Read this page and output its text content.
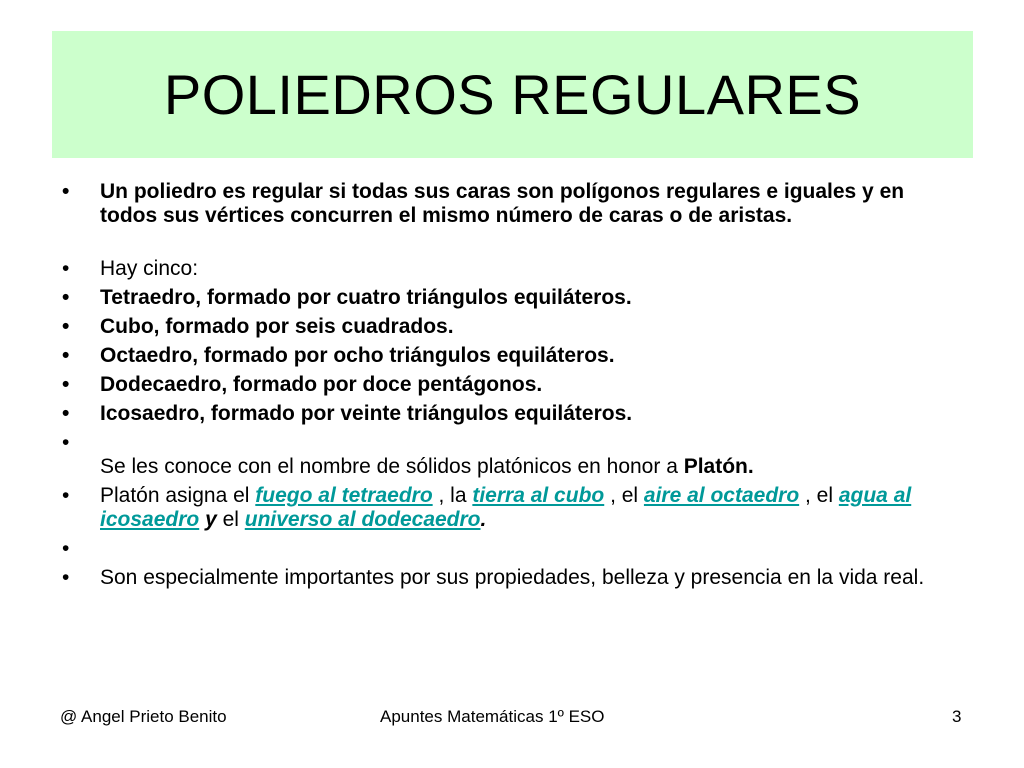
POLIEDROS REGULARES
• Un poliedro es regular si todas sus caras son polígonos regulares e iguales y en todos sus vértices concurren el mismo número de caras o de aristas.
• Hay cinco:
• Tetraedro, formado por cuatro triángulos equiláteros.
• Cubo, formado por seis cuadrados.
• Octaedro, formado por ocho triángulos equiláteros.
• Dodecaedro, formado por doce pentágonos.
• Icosaedro, formado por veinte triángulos equiláteros.

• Se les conoce con el nombre de sólidos platónicos en honor a Platón.
• Platón asigna el fuego al tetraedro , la tierra al cubo , el aire al octaedro , el agua al icosaedro y el universo al dodecaedro.
•
• Son especialmente importantes por sus propiedades, belleza y presencia en la vida real.
@ Angel Prieto Benito	Apuntes Matemáticas 1º ESO	3
